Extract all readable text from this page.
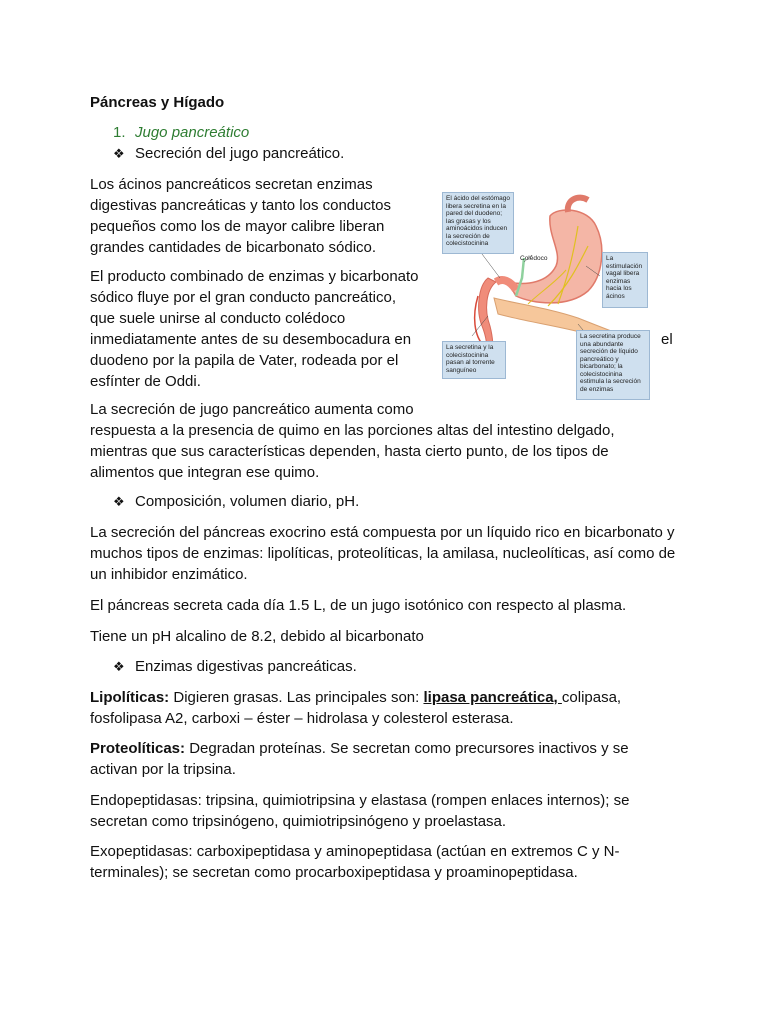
Páncreas y Hígado

1. Jugo pancreático

❖ Secreción del jugo pancreático.

Los ácinos pancreáticos secretan enzimas
digestivas pancreáticas y tanto los conductos
pequeños como los de mayor calibre liberan
grandes cantidades de bicarbonato sódico.
El producto combinado de enzimas y bicarbonato
sódico fluye por el gran conducto pancreático,
que suele unirse al conducto colédoco
inmediatamente antes de su desembocadura en
duodeno por la papila de Vater, rodeada por el
esfínter de Oddi.
el
El ácido del estómago libera secretina en la pared del duodeno; las grasas y los aminoácidos inducen la secreción de colecistocinina
Colédoco	La estimulación vagal libera enzimas hacia los ácinos
La secretina y la colecistocinina pasan al torrente sanguíneo
La secretina produce una abundante secreción de líquido pancreático y bicarbonato; la colecistocinina estimula la secreción de enzimas
La secreción de jugo pancreático aumenta como

respuesta a la presencia de quimo en las porciones altas del intestino delgado, mientras que sus características dependen, hasta cierto punto, de los tipos de alimentos que integran ese quimo.

❖ Composición, volumen diario, pH.

La secreción del páncreas exocrino está compuesta por un líquido rico en bicarbonato y muchos tipos de enzimas: lipolíticas, proteolíticas, la amilasa, nucleolíticas, así como de un inhibidor enzimático.

El páncreas secreta cada día 1.5 L, de un jugo isotónico con respecto al plasma.

Tiene un pH alcalino de 8.2, debido al bicarbonato

❖ Enzimas digestivas pancreáticas.

Lipolíticas: Digieren grasas. Las principales son: lipasa pancreática, colipasa, fosfolipasa A2, carboxi – éster – hidrolasa y colesterol esterasa.

Proteolíticas: Degradan proteínas. Se secretan como precursores inactivos y se activan por la tripsina.

Endopeptidasas: tripsina, quimiotripsina y elastasa (rompen enlaces internos); se secretan como tripsinógeno, quimiotripsinógeno y proelastasa.

Exopeptidasas: carboxipeptidasa y aminopeptidasa (actúan en extremos C y N-terminales); se secretan como procarboxipeptidasa y proaminopeptidasa.
